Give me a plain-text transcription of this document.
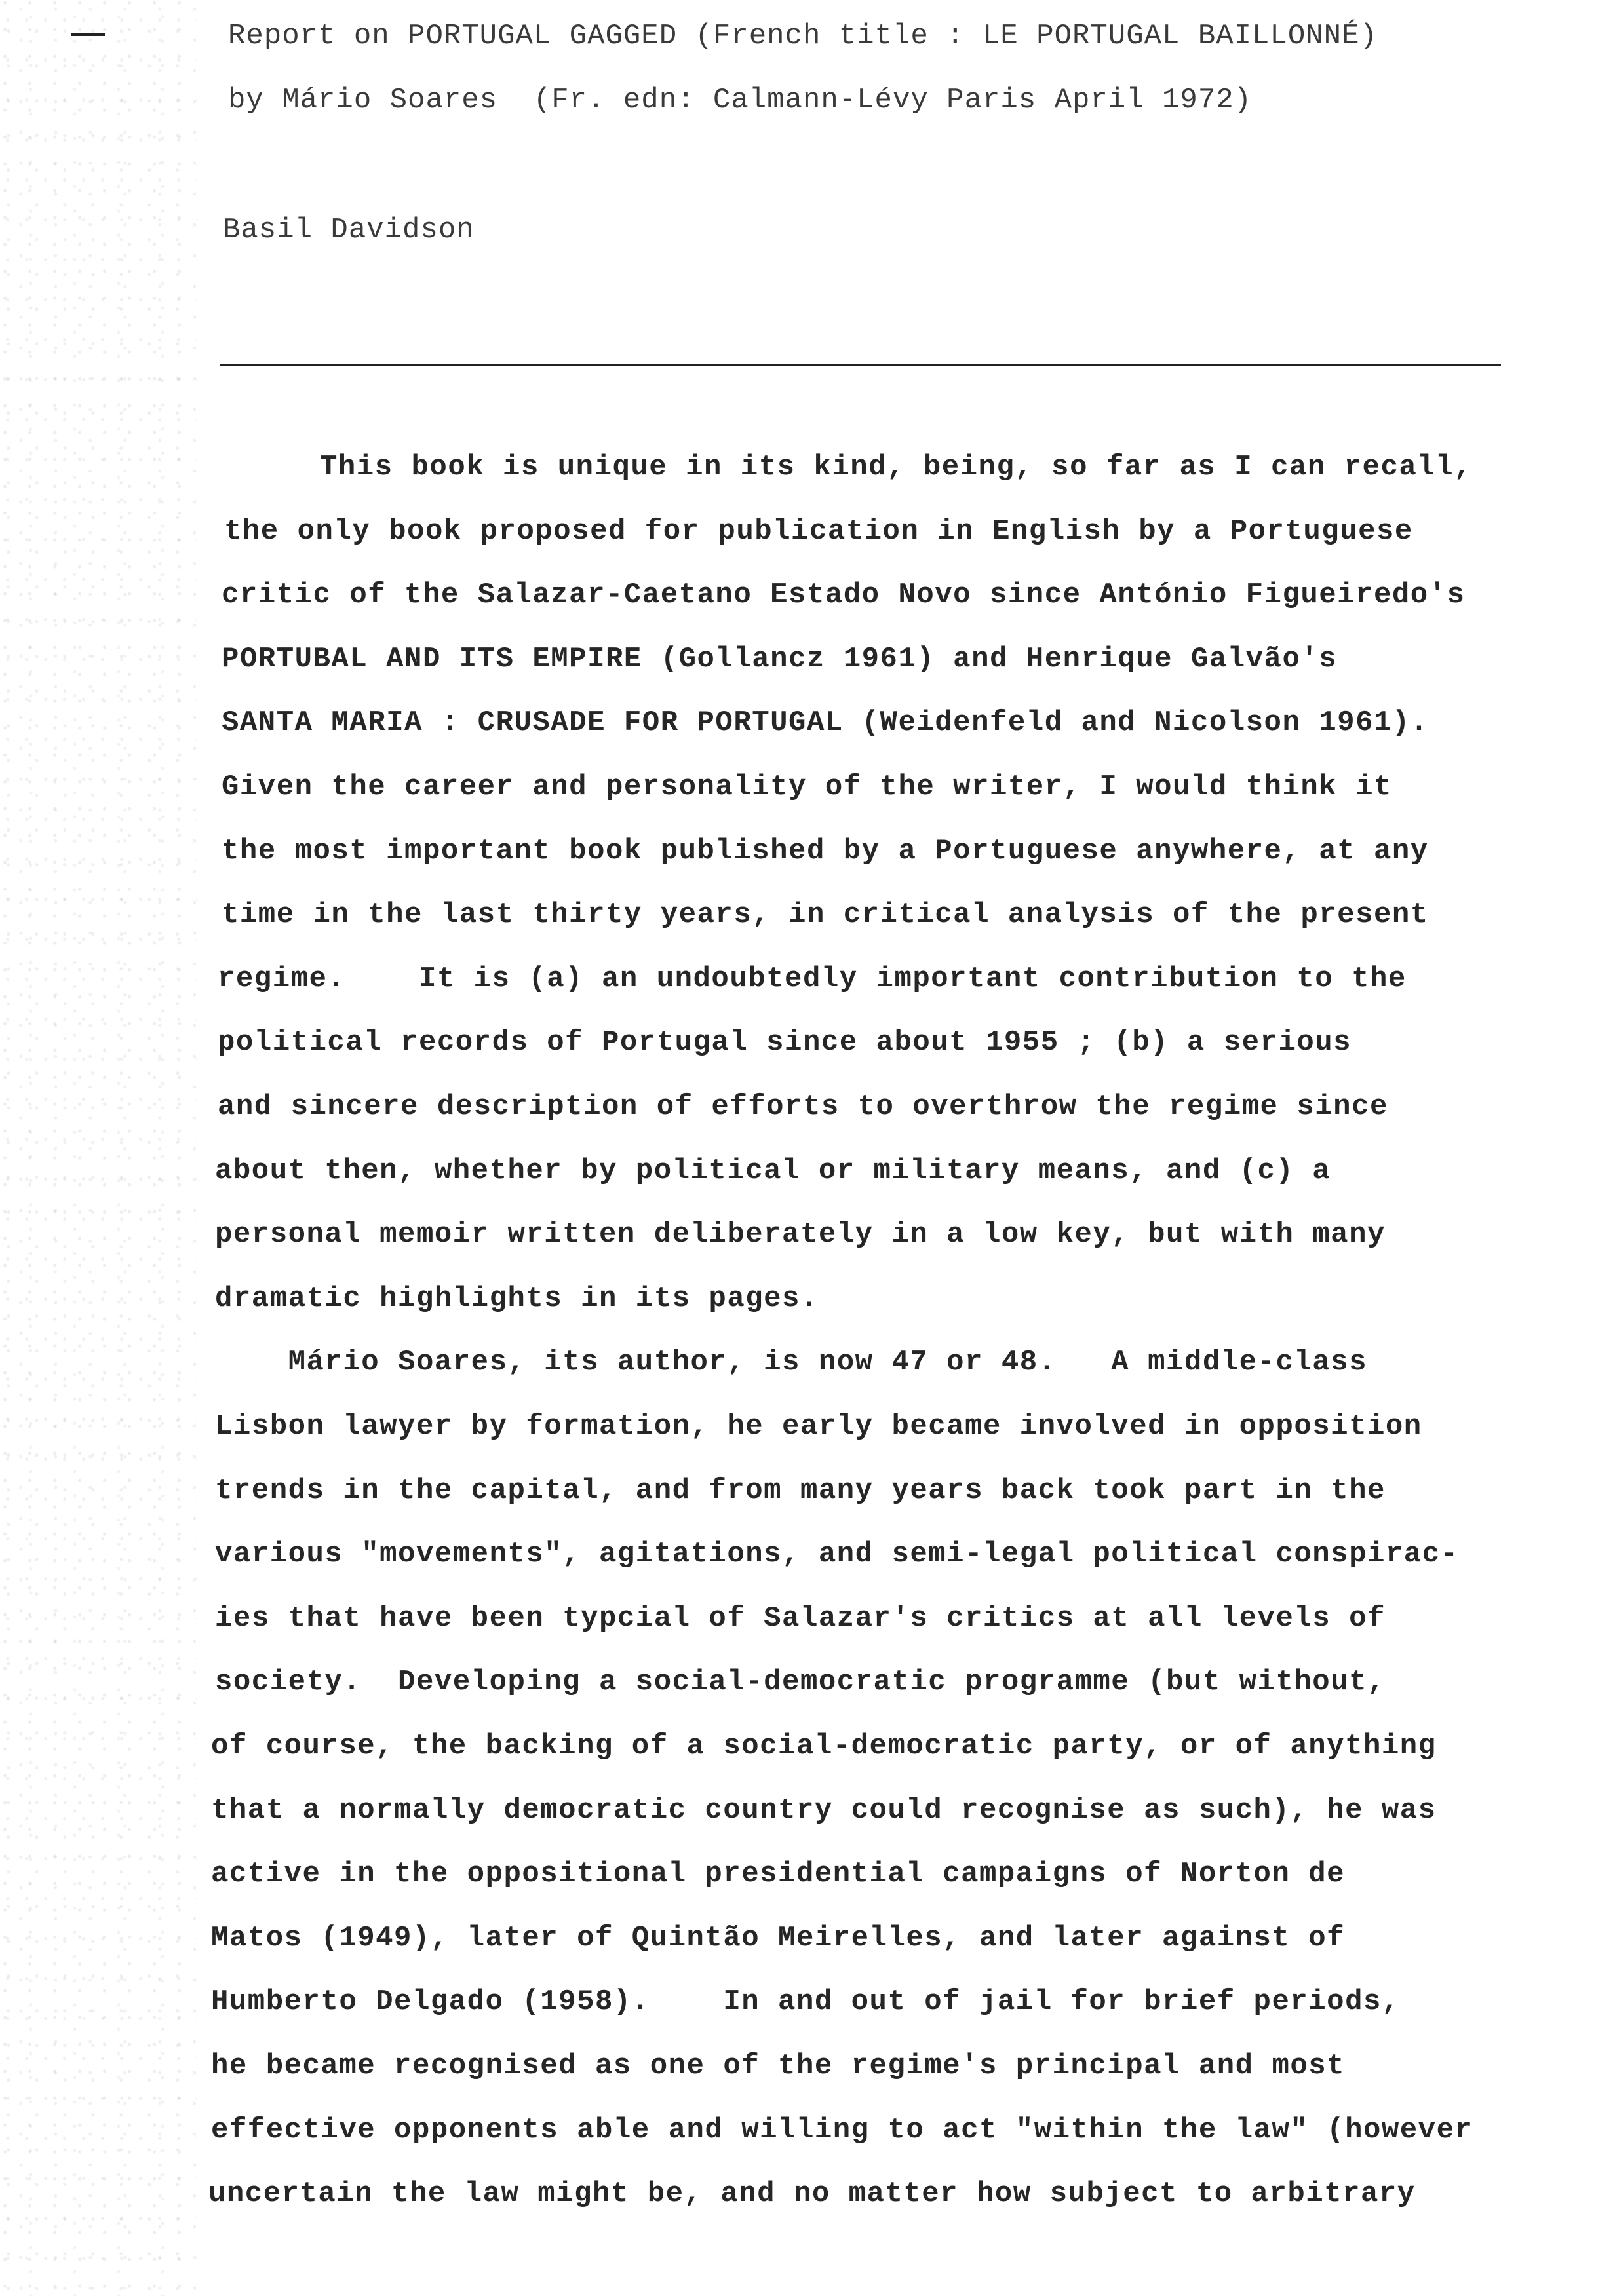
Report on PORTUGAL GAGGED (French title : LE PORTUGAL BAILLONNÉ)
by Mário Soares  (Fr. edn: Calmann-Lévy Paris April 1972)
Basil Davidson
This book is unique in its kind, being, so far as I can recall,
the only book proposed for publication in English by a Portuguese
critic of the Salazar-Caetano Estado Novo since António Figueiredo's
PORTUBAL AND ITS EMPIRE (Gollancz 1961) and Henrique Galvão's
SANTA MARIA : CRUSADE FOR PORTUGAL (Weidenfeld and Nicolson 1961).
Given the career and personality of the writer, I would think it
the most important book published by a Portuguese anywhere, at any
time in the last thirty years, in critical analysis of the present
regime.    It is (a) an undoubtedly important contribution to the
political records of Portugal since about 1955 ; (b) a serious
and sincere description of efforts to overthrow the regime since
about then, whether by political or military means, and (c) a
personal memoir written deliberately in a low key, but with many
dramatic highlights in its pages.
Mário Soares, its author, is now 47 or 48.   A middle-class
Lisbon lawyer by formation, he early became involved in opposition
trends in the capital, and from many years back took part in the
various "movements", agitations, and semi-legal political conspirac-
ies that have been typcial of Salazar's critics at all levels of
society.  Developing a social-democratic programme (but without,
of course, the backing of a social-democratic party, or of anything
that a normally democratic country could recognise as such), he was
active in the oppositional presidential campaigns of Norton de
Matos (1949), later of Quintão Meirelles, and later against of
Humberto Delgado (1958).    In and out of jail for brief periods,
he became recognised as one of the regime's principal and most
effective opponents able and willing to act "within the law" (however
uncertain the law might be, and no matter how subject to arbitrary
